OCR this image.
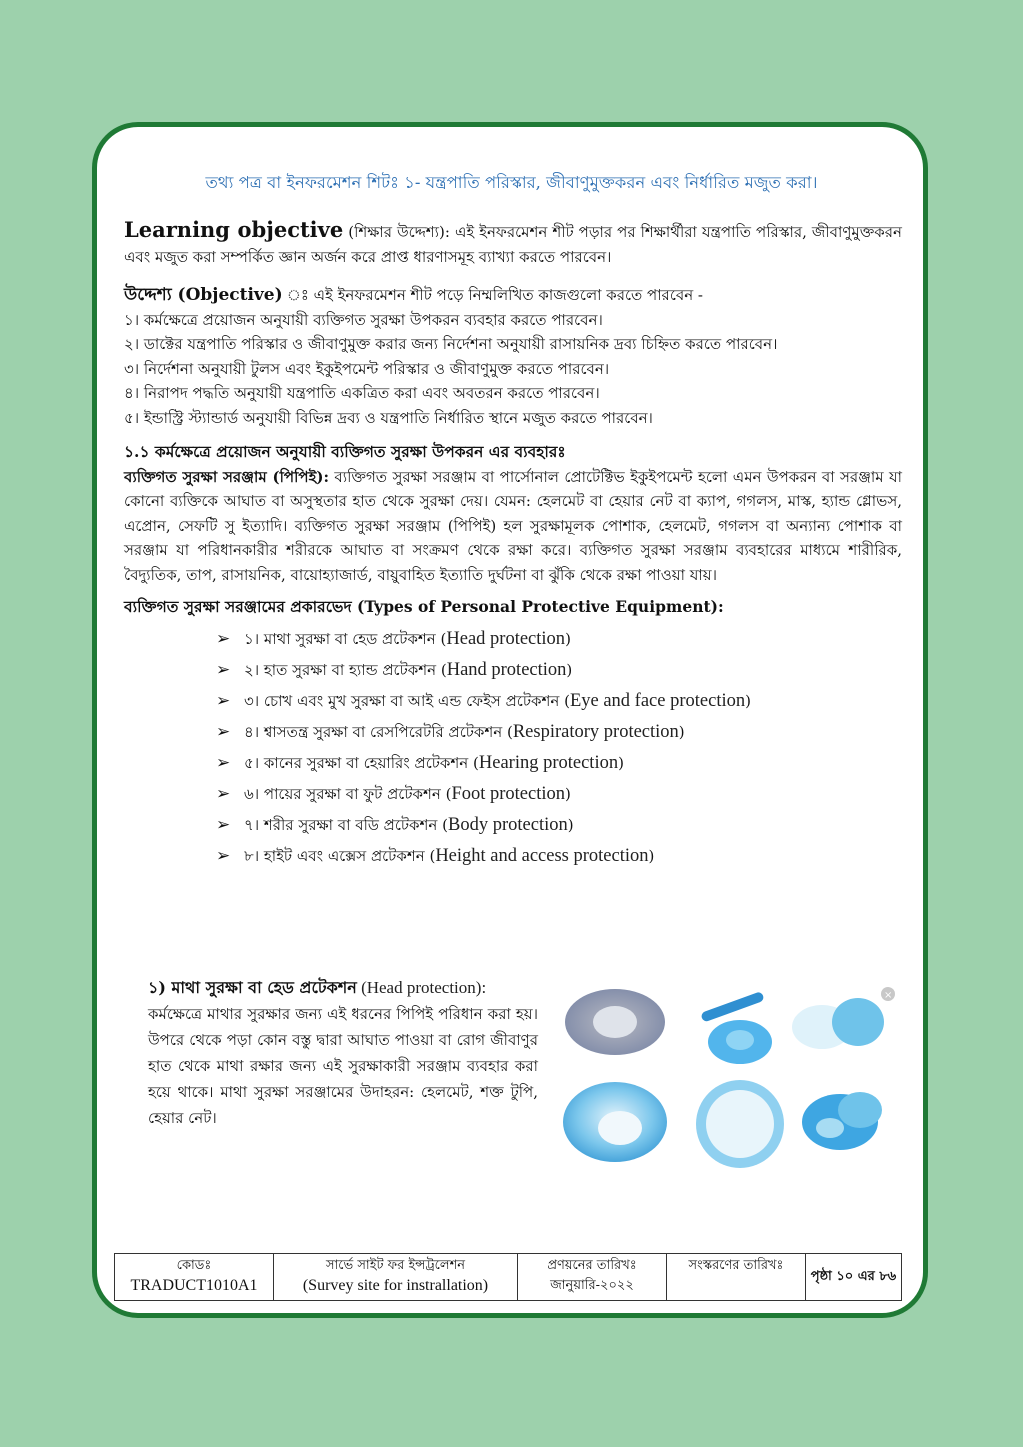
তথ্য পত্র বা ইনফরমেশন শিটঃ ১- যন্ত্রপাতি পরিস্কার, জীবাণুমুক্তকরন এবং নির্ধারিত মজুত করা।

Learning objective (শিক্ষার উদ্দেশ্য): এই ইনফরমেশন শীট পড়ার পর শিক্ষার্থীরা যন্ত্রপাতি পরিস্কার, জীবাণুমুক্তকরন এবং মজুত করা সম্পর্কিত জ্ঞান অর্জন করে প্রাপ্ত ধারণাসমূহ ব্যাখ্যা করতে পারবেন।

উদ্দেশ্য (Objective) ঃ এই ইনফরমেশন শীট পড়ে নিম্মলিখিত কাজগুলো করতে পারবেন -

১। কর্মক্ষেত্রে প্রয়োজন অনুযায়ী ব্যক্তিগত সুরক্ষা উপকরন ব্যবহার করতে পারবেন।

২। ডাক্টের যন্ত্রপাতি পরিস্কার ও জীবাণুমুক্ত করার জন্য নির্দেশনা অনুযায়ী রাসায়নিক দ্রব্য চিহ্নিত করতে পারবেন।

৩। নির্দেশনা অনুযায়ী টুলস এবং ইকুইপমেন্ট পরিস্কার ও জীবাণুমুক্ত করতে পারবেন।

৪। নিরাপদ পদ্ধতি অনুযায়ী যন্ত্রপাতি একত্রিত করা এবং অবতরন করতে পারবেন।

৫। ইন্ডাস্ট্রি স্ট্যান্ডার্ড অনুযায়ী বিভিন্ন দ্রব্য ও যন্ত্রপাতি নির্ধারিত স্থানে মজুত করতে পারবেন।

১.১ কর্মক্ষেত্রে প্রয়োজন অনুযায়ী ব্যক্তিগত সুরক্ষা উপকরন এর ব্যবহারঃ

ব্যক্তিগত সুরক্ষা সরঞ্জাম (পিপিই): ব্যক্তিগত সুরক্ষা সরঞ্জাম বা পার্সোনাল প্রোটেক্টিভ ইকুইপমেন্ট হলো এমন উপকরন বা সরঞ্জাম যা কোনো ব্যক্তিকে আঘাত বা অসুস্থতার হাত থেকে সুরক্ষা দেয়। যেমন: হেলমেট বা হেয়ার নেট বা ক্যাপ, গগলস, মাস্ক, হ্যান্ড গ্লোভস, এপ্রোন, সেফটি সু ইত্যাদি। ব্যক্তিগত সুরক্ষা সরঞ্জাম (পিপিই) হল সুরক্ষামূলক পোশাক, হেলমেট, গগলস বা অন্যান্য পোশাক বা সরঞ্জাম যা পরিধানকারীর শরীরকে আঘাত বা সংক্রমণ থেকে রক্ষা করে। ব্যক্তিগত সুরক্ষা সরঞ্জাম ব্যবহারের মাধ্যমে শারীরিক, বৈদ্যুতিক, তাপ, রাসায়নিক, বায়োহ্যাজার্ড, বায়ুবাহিত ইত্যাতি দুর্ঘটনা বা ঝুঁকি থেকে রক্ষা পাওয়া যায়।

ব্যক্তিগত সুরক্ষা সরঞ্জামের প্রকারভেদ (Types of Personal Protective Equipment):

➢ ১। মাথা সুরক্ষা বা হেড প্রটেকশন (Head protection)
➢ ২। হাত সুরক্ষা বা হ্যান্ড প্রটেকশন (Hand protection)
➢ ৩। চোখ এবং মুখ সুরক্ষা বা আই এন্ড ফেইস প্রটেকশন (Eye and face protection)
➢ ৪। শ্বাসতন্ত্র সুরক্ষা বা রেসপিরেটরি প্রটেকশন (Respiratory protection)
➢ ৫। কানের সুরক্ষা বা হেয়ারিং প্রটেকশন (Hearing protection)
➢ ৬। পায়ের সুরক্ষা বা ফুট প্রটেকশন (Foot protection)
➢ ৭। শরীর সুরক্ষা বা বডি প্রটেকশন (Body protection)
➢ ৮। হাইট এবং এক্সেস প্রটেকশন (Height and access protection)
১) মাথা সুরক্ষা বা হেড প্রটেকশন (Head protection):
কর্মক্ষেত্রে মাথার সুরক্ষার জন্য এই ধরনের পিপিই পরিধান করা হয়। উপরে থেকে পড়া কোন বস্তু দ্বারা আঘাত পাওয়া বা রোগ জীবাণুর হাত থেকে মাথা রক্ষার জন্য এই সুরক্ষাকারী সরঞ্জাম ব্যবহার করা হয়ে থাকে। মাথা সুরক্ষা সরঞ্জামের উদাহরন: হেলমেট, শক্ত টুপি, হেয়ার নেট।
×
কোডঃ
TRADUCT1010A1

সার্ভে সাইট ফর ইন্সট্রলেশন
(Survey site for instrallation)

প্রণয়নের তারিখঃ
জানুয়ারি-২০২২

সংস্করণের তারিখঃ
	পৃষ্ঠা ১০ এর ৮৬
